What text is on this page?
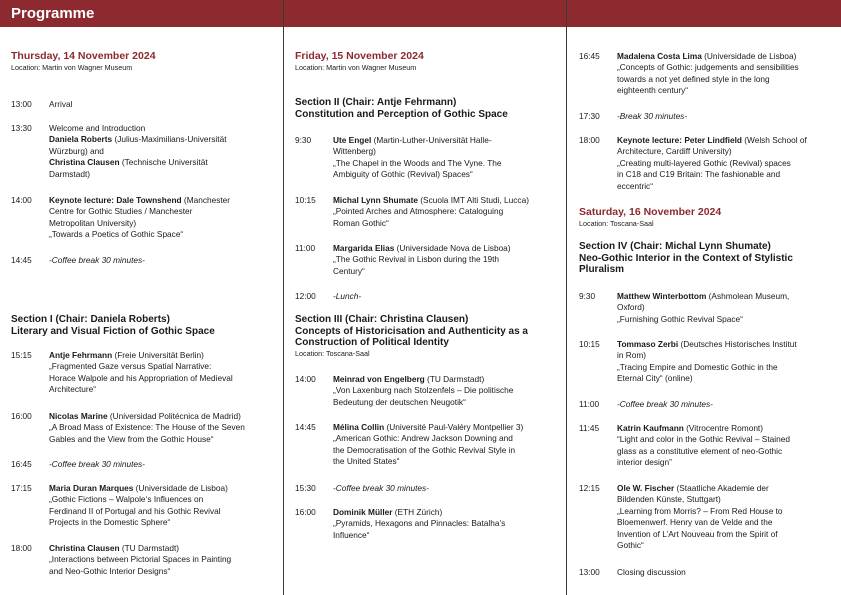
Programme
Thursday, 14 November 2024
Location: Martin von Wagner Museum
13:00	Arrival
13:30	Welcome and Introduction
Daniela Roberts (Julius-Maximilians-Universität
Würzburg) and
Christina Clausen (Technische Universität
Darmstadt)
14:00	Keynote lecture: Dale Townshend (Manchester
Centre for Gothic Studies / Manchester
Metropolitan University)
„Towards a Poetics of Gothic Space“
14:45	-Coffee break 30 minutes-
Section I (Chair: Daniela Roberts)
Literary and Visual Fiction of Gothic Space
15:15	Antje Fehrmann (Freie Universität Berlin)
„Fragmented Gaze versus Spatial Narrative:
Horace Walpole and his Appropriation of Medieval
Architecture“
16:00	Nicolas Marine (Universidad Politécnica de Madrid)
„A Broad Mass of Existence: The House of the Seven
Gables and the View from the Gothic House“
16:45	-Coffee break 30 minutes-
17:15	Maria Duran Marques (Universidade de Lisboa)
„Gothic Fictions – Walpole‘s Influences on
Ferdinand II of Portugal and his Gothic Revival
Projects in the Domestic Sphere“
18:00	Christina Clausen (TU Darmstadt)
„Interactions between Pictorial Spaces in Painting
and Neo-Gothic Interior Designs“
Friday, 15 November 2024
Location: Martin von Wagner Museum
Section II (Chair: Antje Fehrmann)
Constitution and Perception of Gothic Space
9:30	Ute Engel (Martin-Luther-Universität Halle-
Wittenberg)
„The Chapel in the Woods and The Vyne. The
Ambiguity of Gothic (Revival) Spaces“
10:15	Michal Lynn Shumate (Scuola IMT Alti Studi, Lucca)
„Pointed Arches and Atmosphere: Cataloguing
Roman Gothic“
11:00	Margarida Elias (Universidade Nova de Lisboa)
„The Gothic Revival in Lisbon during the 19th
Century“
12:00	-Lunch-
Section III (Chair: Christina Clausen)
Concepts of Historicisation and Authenticity as a
Construction of Political Identity
Location: Toscana-Saal
14:00	Meinrad von Engelberg (TU Darmstadt)
„Von Laxenburg nach Stolzenfels – Die politische
Bedeutung der deutschen Neugotik“
14:45	Mélina Collin (Université Paul-Valéry Montpellier 3)
„American Gothic: Andrew Jackson Downing and
the Democratisation of the Gothic Revival Style in
the United States“
15:30	-Coffee break 30 minutes-
16:00	Dominik Müller (ETH Zürich)
„Pyramids, Hexagons and Pinnacles: Batalha’s
Influence“
16:45	Madalena Costa Lima (Universidade de Lisboa)
„Concepts of Gothic: judgements and sensibilities
towards a not yet defined style in the long
eighteenth century“
17:30	-Break 30 minutes-
18:00	Keynote lecture: Peter Lindfield (Welsh School of
Architecture, Cardiff University)
„Creating multi-layered Gothic (Revival) spaces
in C18 and C19 Britain: The fashionable and
eccentric“
Saturday, 16 November 2024
Location: Toscana-Saal
Section IV (Chair: Michal Lynn Shumate)
Neo-Gothic Interior in the Context of Stylistic
Pluralism
9:30	Matthew Winterbottom (Ashmolean Museum,
Oxford)
„Furnishing Gothic Revival Space“
10:15	Tommaso Zerbi (Deutsches Historisches Institut
in Rom)
„Tracing Empire and Domestic Gothic in the
Eternal City“ (online)
11:00	-Coffee break 30 minutes-
11:45	Katrin Kaufmann (Vitrocentre Romont)
“Light and color in the Gothic Revival – Stained
glass as a constitutive element of neo-Gothic
interior design”
12:15	Ole W. Fischer (Staatliche Akademie der
Bildenden Künste, Stuttgart)
„Learning from Morris? – From Red House to
Bloemenwerf. Henry van de Velde and the
Invention of L’Art Nouveau from the Spirit of
Gothic“
13:00	Closing discussion
